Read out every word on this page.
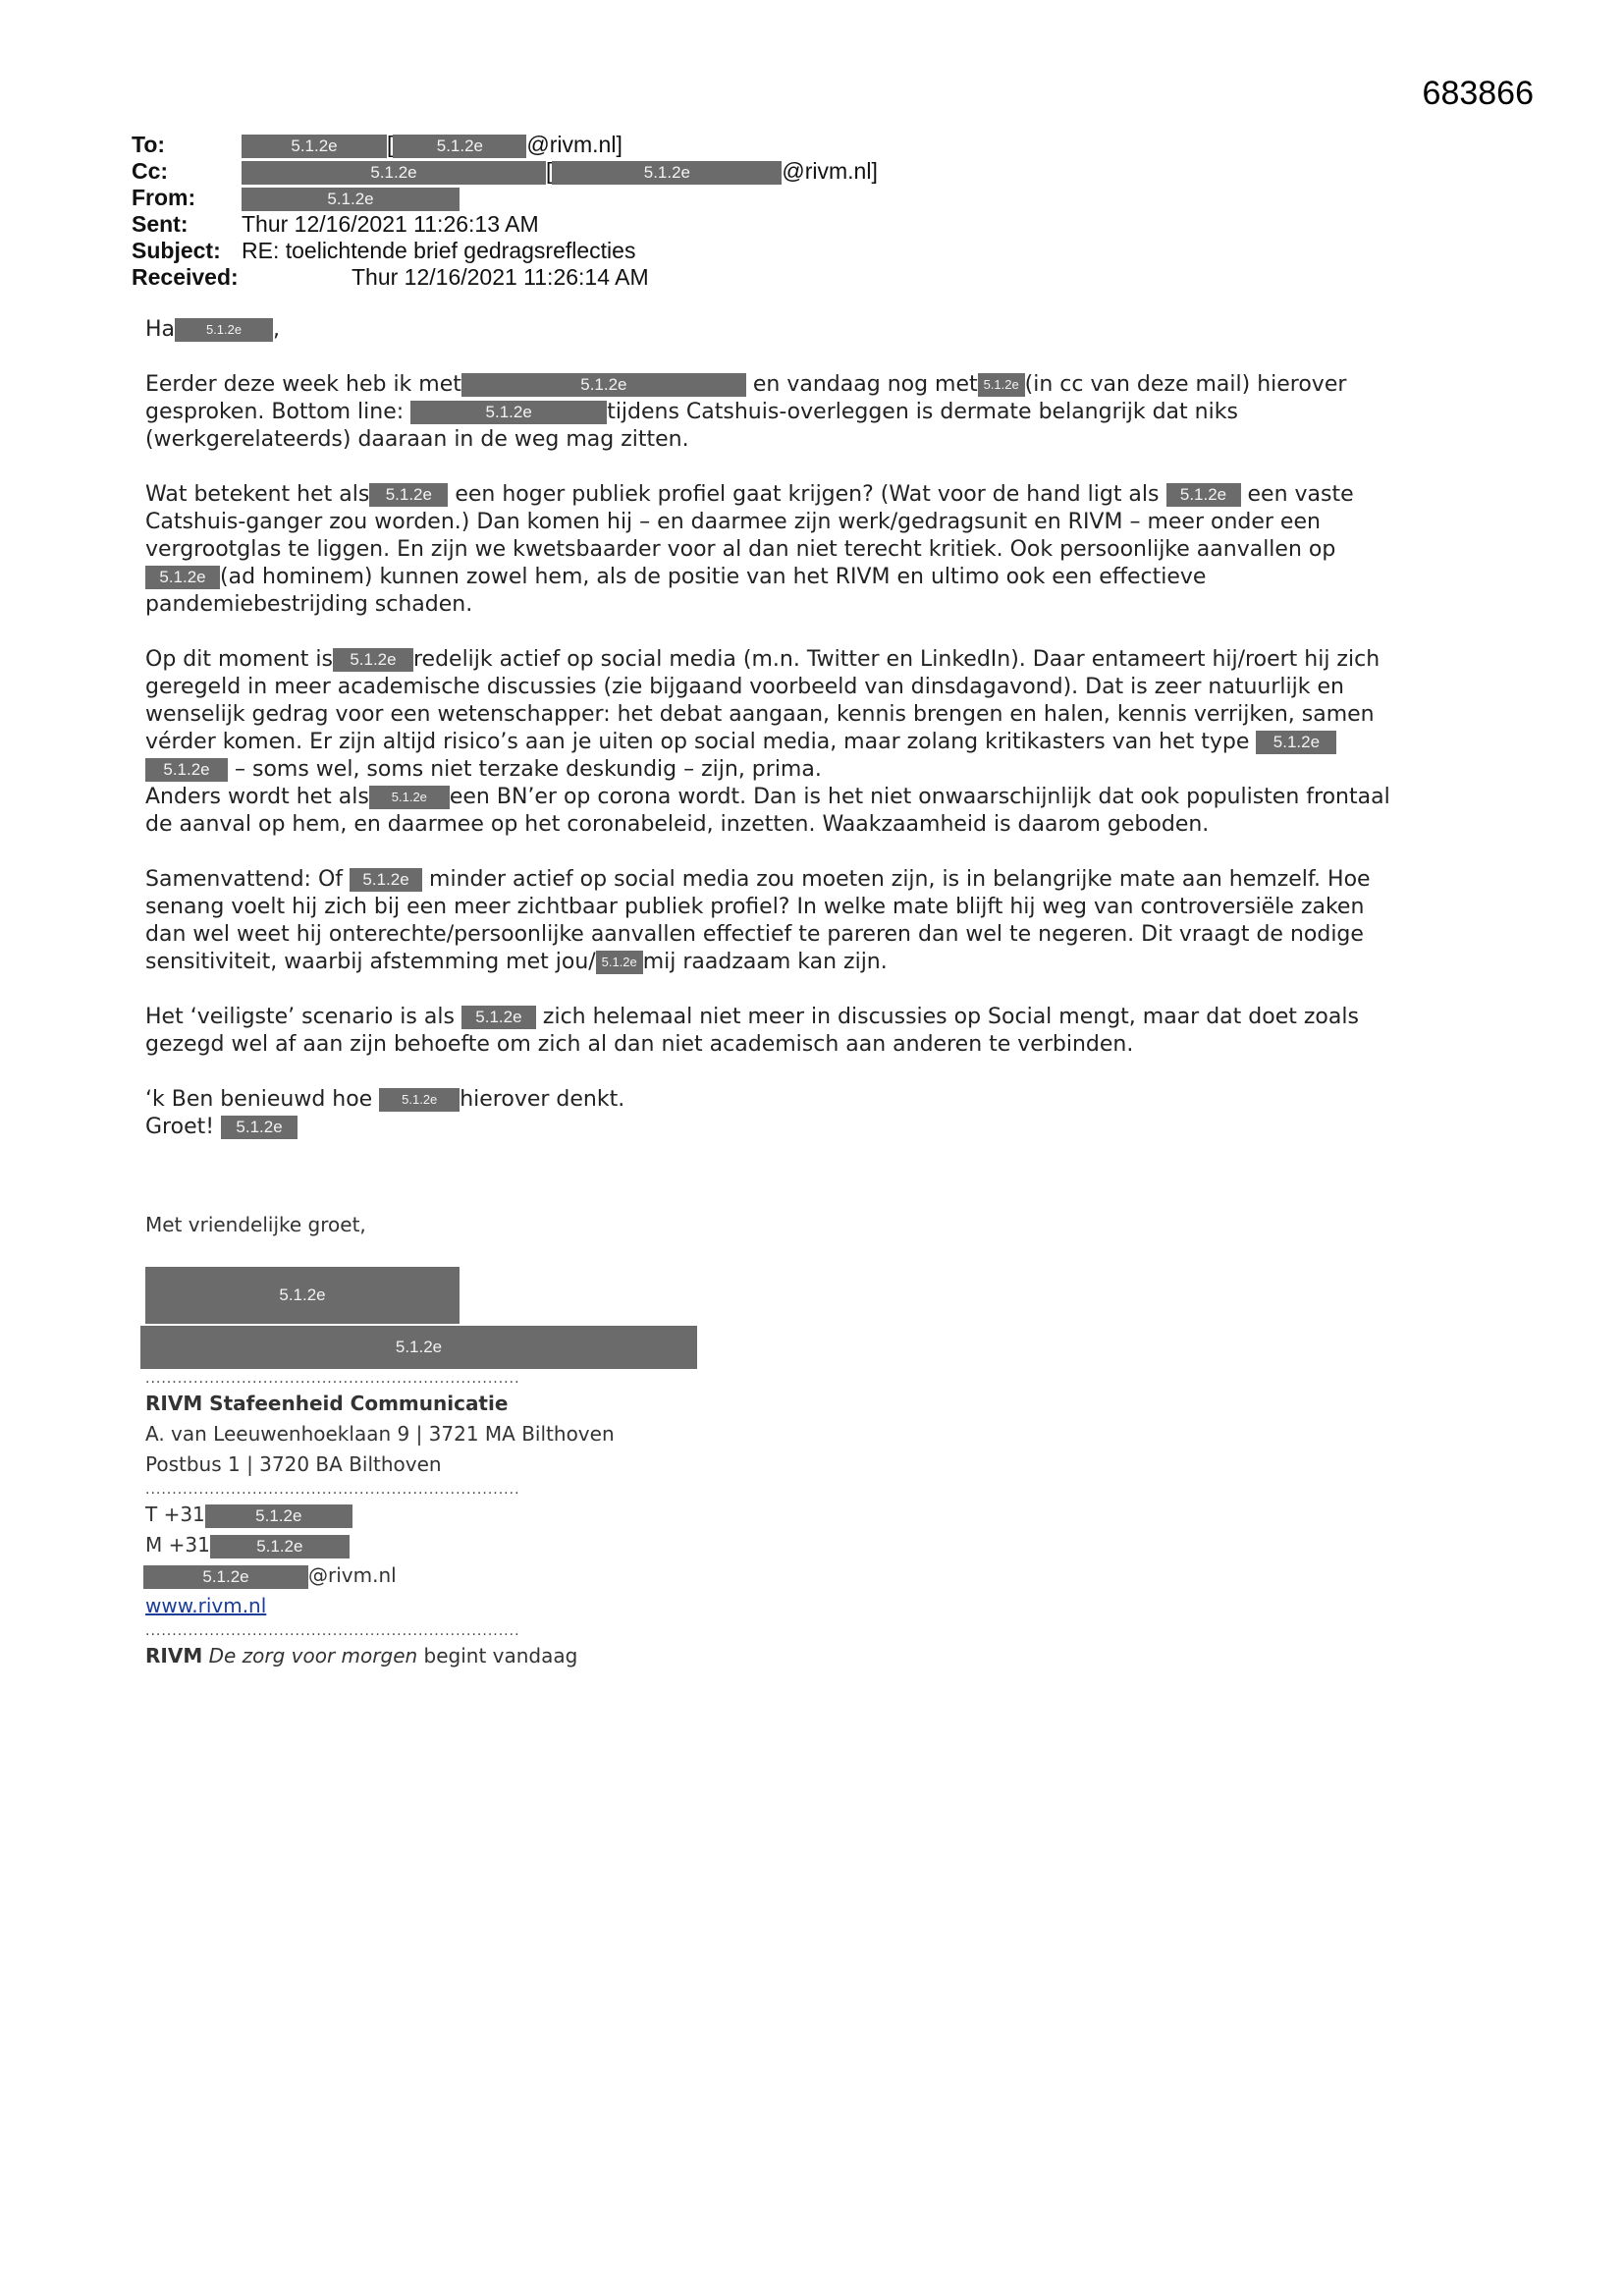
683866
To:	5.1.2e [	5.1.2e @rivm.nl]
Cc:	5.1.2e	[	5.1.2e	@rivm.nl]
From:	5.1.2e
Sent: Thur 12/16/2021 11:26:13 AM
Subject: RE: toelichtende brief gedragsreflecties
Received:	Thur 12/16/2021 11:26:14 AM

Ha 5.1.2e ,

Eerder deze week heb ik met	5.1.2e	en vandaag nog met 5.1.2e (in cc van deze mail) hierover
gesproken. Bottom line:	5.1.2e	tijdens Catshuis-overleggen is dermate belangrijk dat niks
(werkgerelateerds) daaraan in de weg mag zitten.

Wat betekent het als 5.1.2e een hoger publiek profiel gaat krijgen? (Wat voor de hand ligt als 5.1.2e een vaste
Catshuis-ganger zou worden.) Dan komen hij – en daarmee zijn werk/gedragsunit en RIVM – meer onder een
vergrootglas te liggen. En zijn we kwetsbaarder voor al dan niet terecht kritiek. Ook persoonlijke aanvallen op
5.1.2e (ad hominem) kunnen zowel hem, als de positie van het RIVM en ultimo ook een effectieve
pandemiebestrijding schaden.

Op dit moment is 5.1.2e redelijk actief op social media (m.n. Twitter en LinkedIn). Daar entameert hij/roert hij zich
geregeld in meer academische discussies (zie bijgaand voorbeeld van dinsdagavond). Dat is zeer natuurlijk en
wenselijk gedrag voor een wetenschapper: het debat aangaan, kennis brengen en halen, kennis verrijken, samen
vérder komen. Er zijn altijd risico’s aan je uiten op social media, maar zolang kritikasters van het type 5.1.2e
5.1.2e – soms wel, soms niet terzake deskundig – zijn, prima.

Anders wordt het als 5.1.2e een BN’er op corona wordt. Dan is het niet onwaarschijnlijk dat ook populisten frontaal
de aanval op hem, en daarmee op het coronabeleid, inzetten. Waakzaamheid is daarom geboden.

Samenvattend: Of 5.1.2e minder actief op social media zou moeten zijn, is in belangrijke mate aan hemzelf. Hoe
senang voelt hij zich bij een meer zichtbaar publiek profiel? In welke mate blijft hij weg van controversiële zaken
dan wel weet hij onterechte/persoonlijke aanvallen effectief te pareren dan wel te negeren. Dit vraagt de nodige
sensitiviteit, waarbij afstemming met jou/ 5.1.2e mij raadzaam kan zijn.

Het ‘veiligste’ scenario is als 5.1.2e zich helemaal niet meer in discussies op Social mengt, maar dat doet zoals
gezegd wel af aan zijn behoefte om zich al dan niet academisch aan anderen te verbinden.

‘k Ben benieuwd hoe 5.1.2e hierover denkt.
Groet! 5.1.2e

Met vriendelijke groet,
5.1.2e
5.1.2e
......................................................................
RIVM Stafeenheid Communicatie
A. van Leeuwenhoeklaan 9 | 3721 MA Bilthoven
Postbus 1 | 3720 BA Bilthoven
......................................................................
T +31	5.1.2e
M +31	5.1.2e
5.1.2e	@rivm.nl
www.rivm.nl
......................................................................
RIVM De zorg voor morgen begint vandaag
